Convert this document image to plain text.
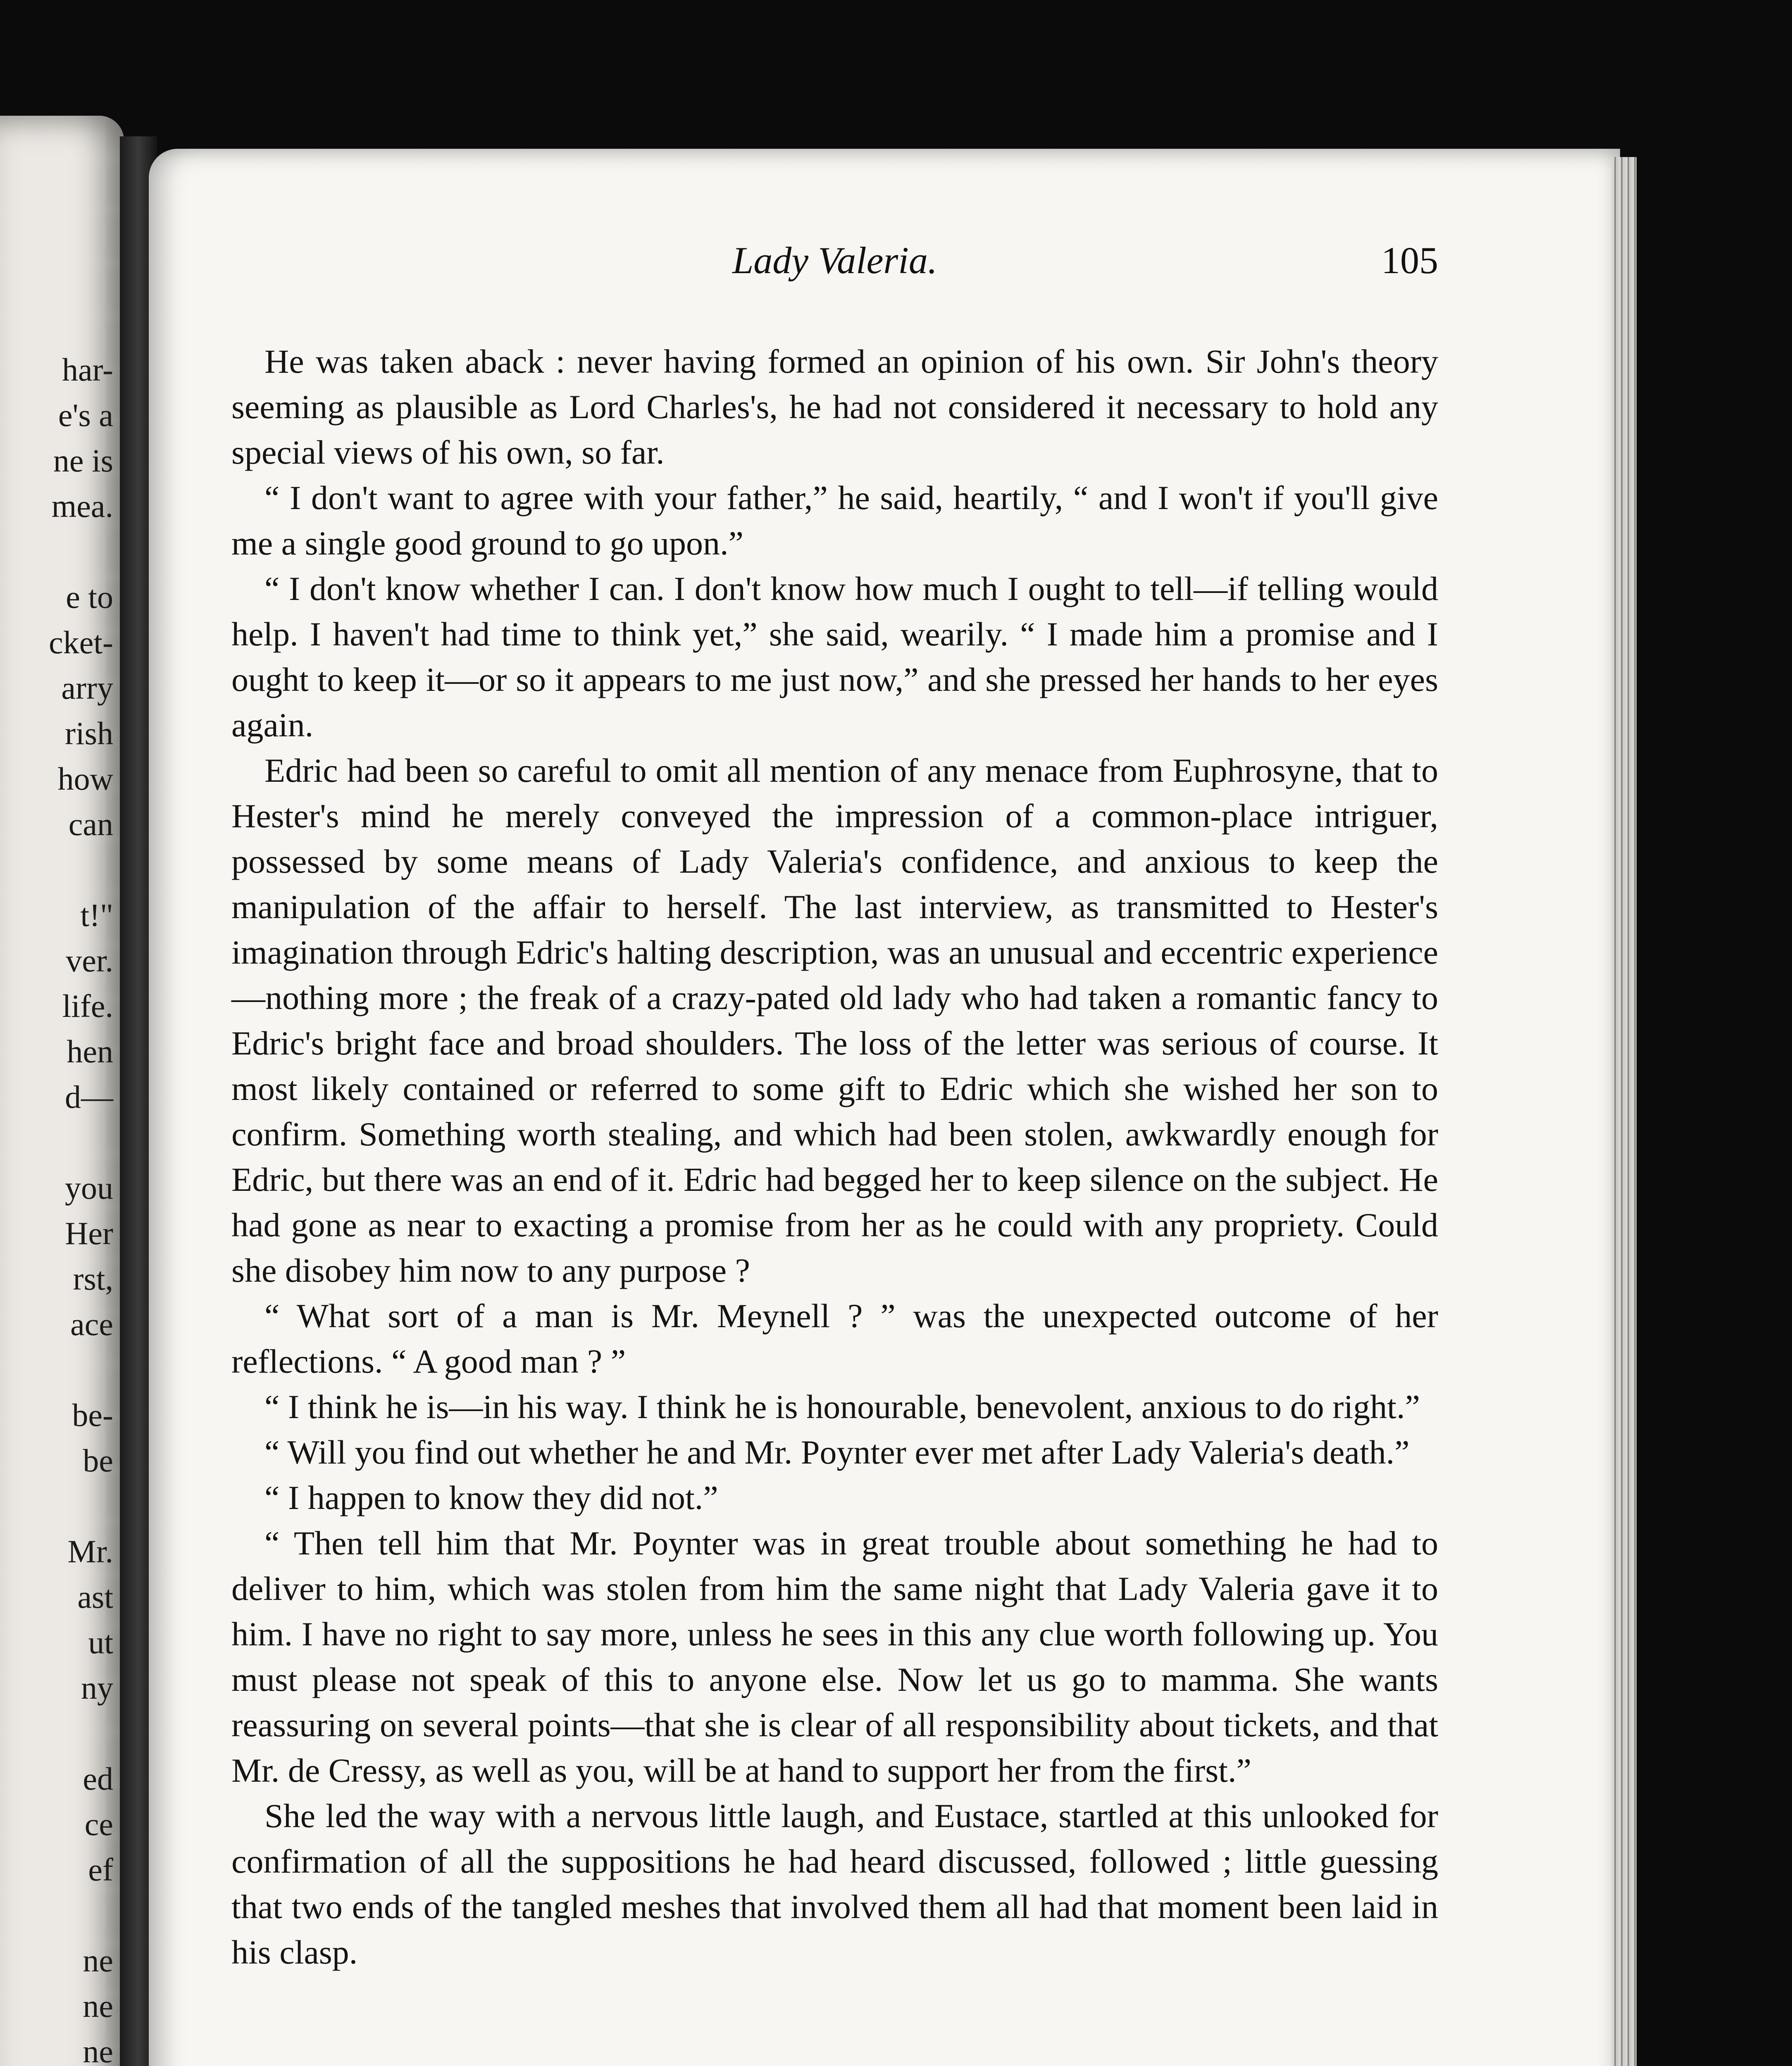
har-
e's a
ne is
mea.
e to
cket-
arry
rish
how
can
t!"
ver.
life.
hen
d—
you
Her
rst,
ace
be-
be
Mr.
ast
ut
ny
ed
ce
ef
ne
ne
ne
Lady Valeria.	105

He was taken aback : never having formed an opinion of his own. Sir John's theory seeming as plausible as Lord Charles's, he had not considered it necessary to hold any special views of his own, so far.

“ I don't want to agree with your father,” he said, heartily, “ and I won't if you'll give me a single good ground to go upon.”

“ I don't know whether I can. I don't know how much I ought to tell—if telling would help. I haven't had time to think yet,” she said, wearily. “ I made him a promise and I ought to keep it—or so it appears to me just now,” and she pressed her hands to her eyes again.

Edric had been so careful to omit all mention of any menace from Euphrosyne, that to Hester's mind he merely conveyed the impression of a common-place intriguer, possessed by some means of Lady Valeria's confidence, and anxious to keep the manipulation of the affair to herself. The last interview, as transmitted to Hester's imagination through Edric's halting description, was an unusual and eccentric experience—nothing more ; the freak of a crazy-pated old lady who had taken a romantic fancy to Edric's bright face and broad shoulders. The loss of the letter was serious of course. It most likely contained or referred to some gift to Edric which she wished her son to confirm. Something worth stealing, and which had been stolen, awkwardly enough for Edric, but there was an end of it. Edric had begged her to keep silence on the subject. He had gone as near to exacting a promise from her as he could with any propriety. Could she disobey him now to any purpose ?

“ What sort of a man is Mr. Meynell ? ” was the unexpected outcome of her reflections. “ A good man ? ”

“ I think he is—in his way. I think he is honourable, benevolent, anxious to do right.”

“ Will you find out whether he and Mr. Poynter ever met after Lady Valeria's death.”

“ I happen to know they did not.”

“ Then tell him that Mr. Poynter was in great trouble about something he had to deliver to him, which was stolen from him the same night that Lady Valeria gave it to him. I have no right to say more, unless he sees in this any clue worth following up. You must please not speak of this to anyone else. Now let us go to mamma. She wants reassuring on several points—that she is clear of all responsibility about tickets, and that Mr. de Cressy, as well as you, will be at hand to support her from the first.”

She led the way with a nervous little laugh, and Eustace, startled at this unlooked for confirmation of all the suppositions he had heard discussed, followed ; little guessing that two ends of the tangled meshes that involved them all had that moment been laid in his clasp.
